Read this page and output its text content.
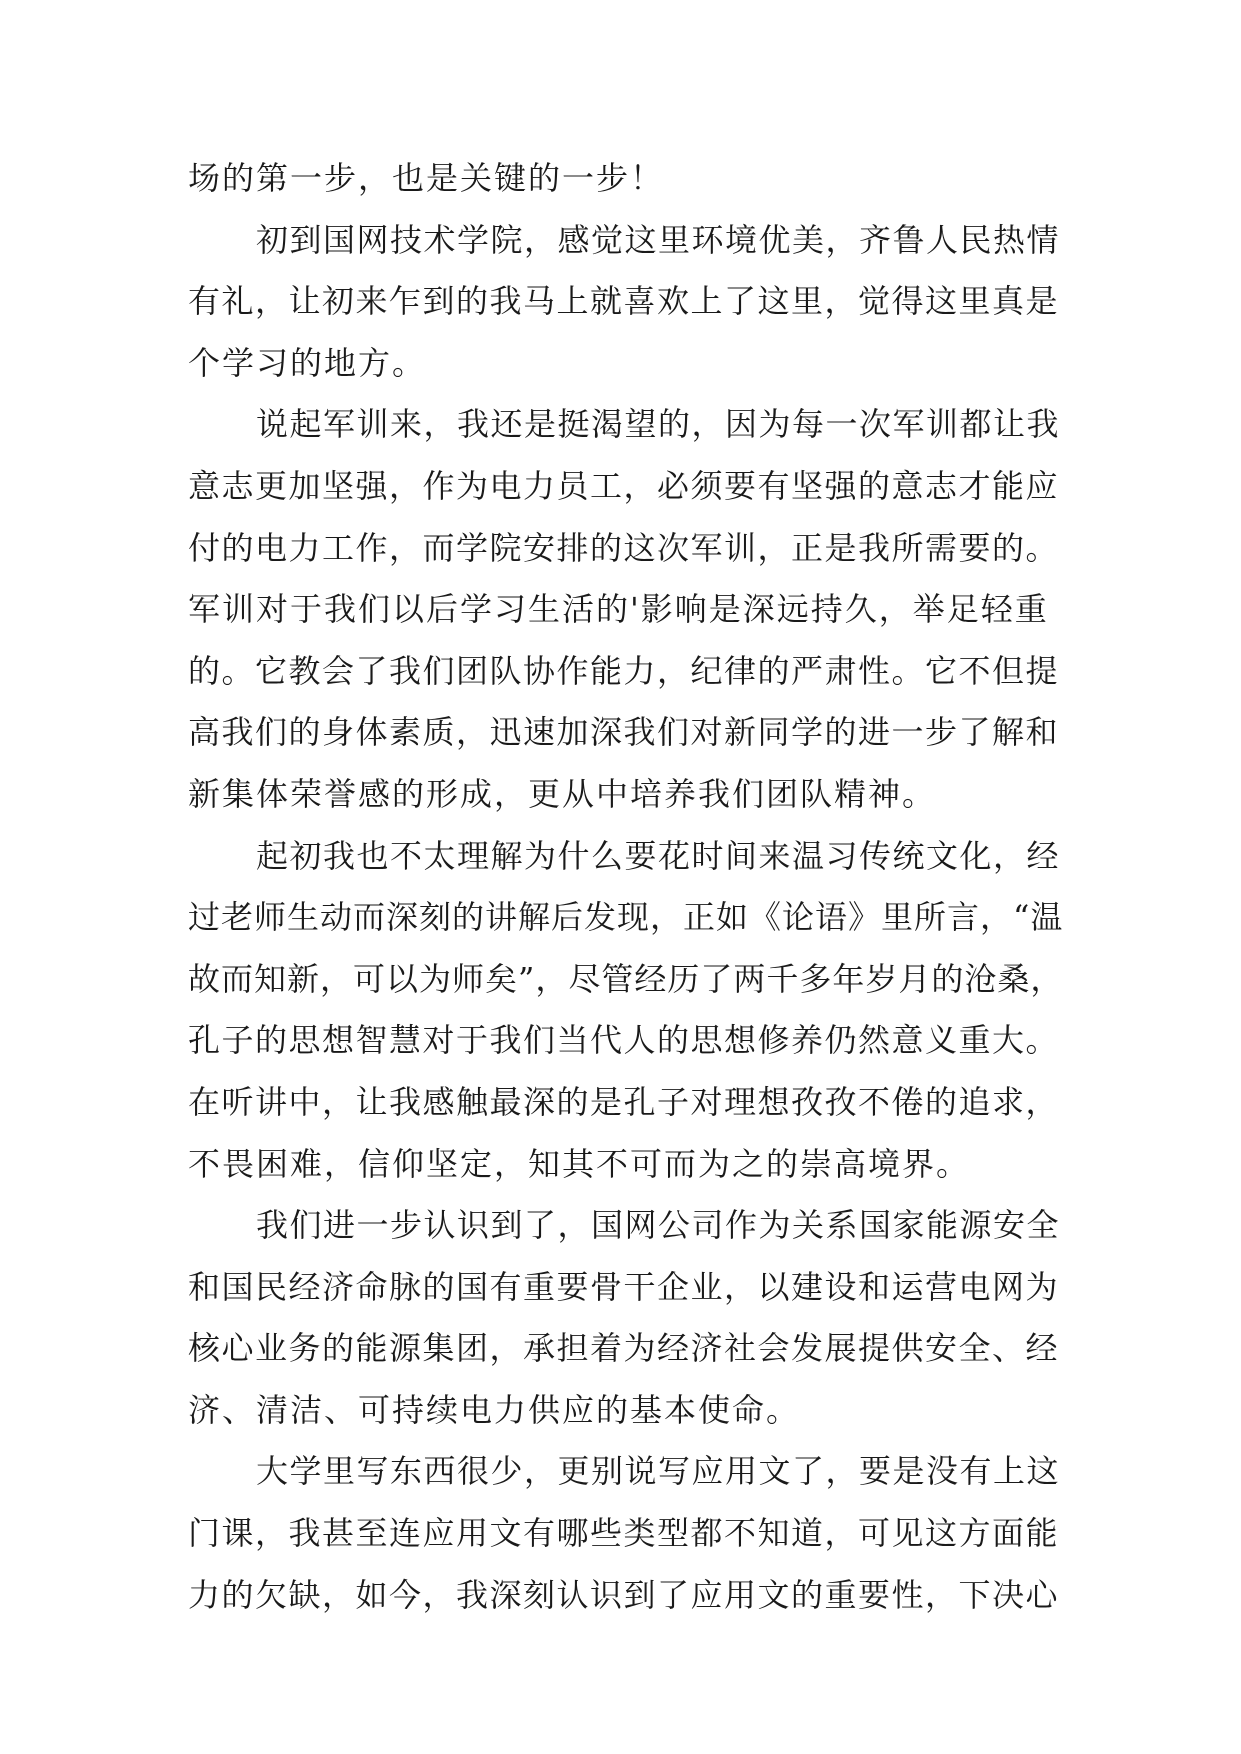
场的第一步，也是关键的一步！
初到国网技术学院，感觉这里环境优美，齐鲁人民热情
有礼，让初来乍到的我马上就喜欢上了这里，觉得这里真是
个学习的地方。
说起军训来，我还是挺渴望的，因为每一次军训都让我
意志更加坚强，作为电力员工，必须要有坚强的意志才能应
付的电力工作，而学院安排的这次军训，正是我所需要的。
军训对于我们以后学习生活的'影响是深远持久，举足轻重
的。它教会了我们团队协作能力，纪律的严肃性。它不但提
高我们的身体素质，迅速加深我们对新同学的进一步了解和
新集体荣誉感的形成，更从中培养我们团队精神。
起初我也不太理解为什么要花时间来温习传统文化，经
过老师生动而深刻的讲解后发现，正如《论语》里所言，“温
故而知新，可以为师矣”，尽管经历了两千多年岁月的沧桑，
孔子的思想智慧对于我们当代人的思想修养仍然意义重大。
在听讲中，让我感触最深的是孔子对理想孜孜不倦的追求，
不畏困难，信仰坚定，知其不可而为之的崇高境界。
我们进一步认识到了，国网公司作为关系国家能源安全
和国民经济命脉的国有重要骨干企业，以建设和运营电网为
核心业务的能源集团，承担着为经济社会发展提供安全、经
济、清洁、可持续电力供应的基本使命。
大学里写东西很少，更别说写应用文了，要是没有上这
门课，我甚至连应用文有哪些类型都不知道，可见这方面能
力的欠缺，如今，我深刻认识到了应用文的重要性，下决心
